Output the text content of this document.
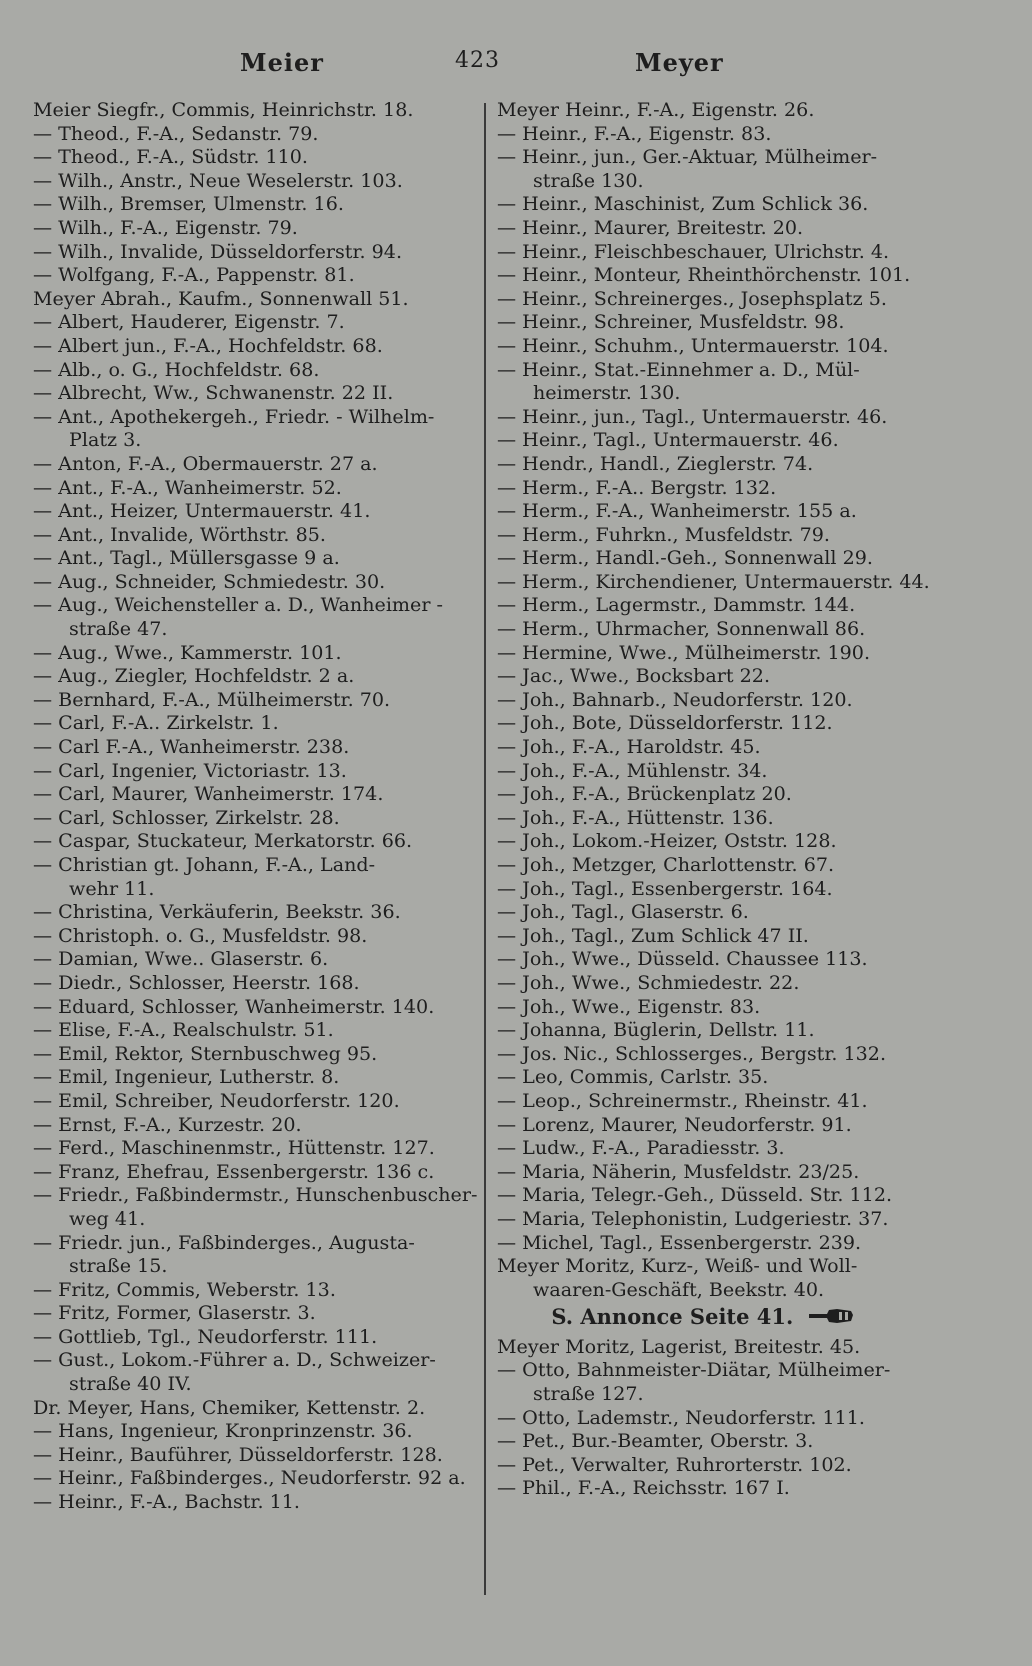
Meier	423	Meyer
Meier Siegfr., Commis, Heinrichstr. 18.
— Theod., F.-A., Sedanstr. 79.
— Theod., F.-A., Südstr. 110.
— Wilh., Anstr., Neue Weselerstr. 103.
— Wilh., Bremser, Ulmenstr. 16.
— Wilh., F.-A., Eigenstr. 79.
— Wilh., Invalide, Düsseldorferstr. 94.
— Wolfgang, F.-A., Pappenstr. 81.
Meyer Abrah., Kaufm., Sonnenwall 51.
— Albert, Hauderer, Eigenstr. 7.
— Albert jun., F.-A., Hochfeldstr. 68.
— Alb., o. G., Hochfeldstr. 68.
— Albrecht, Ww., Schwanenstr. 22 II.
— Ant., Apothekergeh., Friedr. - Wilhelm-
Platz 3.
— Anton, F.-A., Obermauerstr. 27 a.
— Ant., F.-A., Wanheimerstr. 52.
— Ant., Heizer, Untermauerstr. 41.
— Ant., Invalide, Wörthstr. 85.
— Ant., Tagl., Müllersgasse 9 a.
— Aug., Schneider, Schmiedestr. 30.
— Aug., Weichensteller a. D., Wanheimer -
straße 47.
— Aug., Wwe., Kammerstr. 101.
— Aug., Ziegler, Hochfeldstr. 2 a.
— Bernhard, F.-A., Mülheimerstr. 70.
— Carl, F.-A.. Zirkelstr. 1.
— Carl F.-A., Wanheimerstr. 238.
— Carl, Ingenier, Victoriastr. 13.
— Carl, Maurer, Wanheimerstr. 174.
— Carl, Schlosser, Zirkelstr. 28.
— Caspar, Stuckateur, Merkatorstr. 66.
— Christian gt. Johann, F.-A., Land-
wehr 11.
— Christina, Verkäuferin, Beekstr. 36.
— Christoph. o. G., Musfeldstr. 98.
— Damian, Wwe.. Glaserstr. 6.
— Diedr., Schlosser, Heerstr. 168.
— Eduard, Schlosser, Wanheimerstr. 140.
— Elise, F.-A., Realschulstr. 51.
— Emil, Rektor, Sternbuschweg 95.
— Emil, Ingenieur, Lutherstr. 8.
— Emil, Schreiber, Neudorferstr. 120.
— Ernst, F.-A., Kurzestr. 20.
— Ferd., Maschinenmstr., Hüttenstr. 127.
— Franz, Ehefrau, Essenbergerstr. 136 c.
— Friedr., Faßbindermstr., Hunschenbuscher-
weg 41.
— Friedr. jun., Faßbinderges., Augusta-
straße 15.
— Fritz, Commis, Weberstr. 13.
— Fritz, Former, Glaserstr. 3.
— Gottlieb, Tgl., Neudorferstr. 111.
— Gust., Lokom.-Führer a. D., Schweizer-
straße 40 IV.
Dr. Meyer, Hans, Chemiker, Kettenstr. 2.
— Hans, Ingenieur, Kronprinzenstr. 36.
— Heinr., Bauführer, Düsseldorferstr. 128.
— Heinr., Faßbinderges., Neudorferstr. 92 a.
— Heinr., F.-A., Bachstr. 11.
Meyer Heinr., F.-A., Eigenstr. 26.
— Heinr., F.-A., Eigenstr. 83.
— Heinr., jun., Ger.-Aktuar, Mülheimer-
straße 130.
— Heinr., Maschinist, Zum Schlick 36.
— Heinr., Maurer, Breitestr. 20.
— Heinr., Fleischbeschauer, Ulrichstr. 4.
— Heinr., Monteur, Rheinthörchenstr. 101.
— Heinr., Schreinerges., Josephsplatz 5.
— Heinr., Schreiner, Musfeldstr. 98.
— Heinr., Schuhm., Untermauerstr. 104.
— Heinr., Stat.-Einnehmer a. D., Mül-
heimerstr. 130.
— Heinr., jun., Tagl., Untermauerstr. 46.
— Heinr., Tagl., Untermauerstr. 46.
— Hendr., Handl., Zieglerstr. 74.
— Herm., F.-A.. Bergstr. 132.
— Herm., F.-A., Wanheimerstr. 155 a.
— Herm., Fuhrkn., Musfeldstr. 79.
— Herm., Handl.-Geh., Sonnenwall 29.
— Herm., Kirchendiener, Untermauerstr. 44.
— Herm., Lagermstr., Dammstr. 144.
— Herm., Uhrmacher, Sonnenwall 86.
— Hermine, Wwe., Mülheimerstr. 190.
— Jac., Wwe., Bocksbart 22.
— Joh., Bahnarb., Neudorferstr. 120.
— Joh., Bote, Düsseldorferstr. 112.
— Joh., F.-A., Haroldstr. 45.
— Joh., F.-A., Mühlenstr. 34.
— Joh., F.-A., Brückenplatz 20.
— Joh., F.-A., Hüttenstr. 136.
— Joh., Lokom.-Heizer, Oststr. 128.
— Joh., Metzger, Charlottenstr. 67.
— Joh., Tagl., Essenbergerstr. 164.
— Joh., Tagl., Glaserstr. 6.
— Joh., Tagl., Zum Schlick 47 II.
— Joh., Wwe., Düsseld. Chaussee 113.
— Joh., Wwe., Schmiedestr. 22.
— Joh., Wwe., Eigenstr. 83.
— Johanna, Büglerin, Dellstr. 11.
— Jos. Nic., Schlosserges., Bergstr. 132.
— Leo, Commis, Carlstr. 35.
— Leop., Schreinermstr., Rheinstr. 41.
— Lorenz, Maurer, Neudorferstr. 91.
— Ludw., F.-A., Paradiesstr. 3.
— Maria, Näherin, Musfeldstr. 23/25.
— Maria, Telegr.-Geh., Düsseld. Str. 112.
— Maria, Telephonistin, Ludgeriestr. 37.
— Michel, Tagl., Essenbergerstr. 239.
Meyer Moritz, Kurz-, Weiß- und Woll-
waaren-Geschäft, Beekstr. 40.
S. Annonce Seite 41.
Meyer Moritz, Lagerist, Breitestr. 45.
— Otto, Bahnmeister-Diätar, Mülheimer-
straße 127.
— Otto, Lademstr., Neudorferstr. 111.
— Pet., Bur.-Beamter, Oberstr. 3.
— Pet., Verwalter, Ruhrorterstr. 102.
— Phil., F.-A., Reichsstr. 167 I.
